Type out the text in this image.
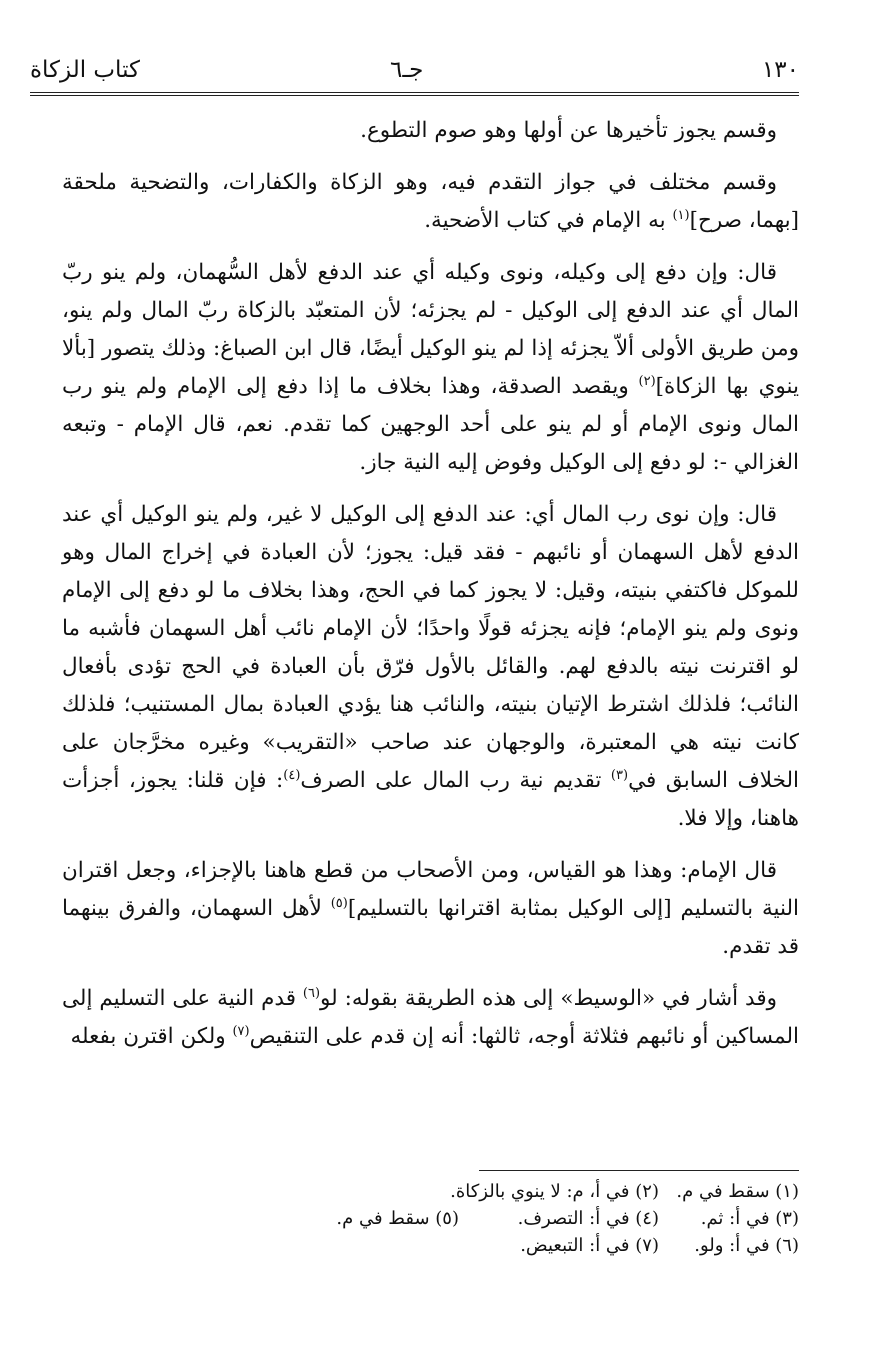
١٣٠
جـ٦
كتاب الزكاة

وقسم يجوز تأخيرها عن أولها وهو صوم التطوع.

وقسم مختلف في جواز التقدم فيه، وهو الزكاة والكفارات، والتضحية ملحقة [بهما، صرح]$^{(١)}$ به الإمام في كتاب الأضحية.

قال: وإن دفع إلى وكيله، ونوى وكيله أي عند الدفع لأهل السُّهمان، ولم ينو ربّ المال أي عند الدفع إلى الوكيل - لم يجزئه؛ لأن المتعبّد بالزكاة ربّ المال ولم ينو، ومن طريق الأولى ألاّ يجزئه إذا لم ينو الوكيل أيضًا، قال ابن الصباغ: وذلك يتصور [بألا ينوي بها الزكاة]$^{(٢)}$ ويقصد الصدقة، وهذا بخلاف ما إذا دفع إلى الإمام ولم ينو رب المال ونوى الإمام أو لم ينو على أحد الوجهين كما تقدم. نعم، قال الإمام - وتبعه الغزالي -: لو دفع إلى الوكيل وفوض إليه النية جاز.

قال: وإن نوى رب المال أي: عند الدفع إلى الوكيل لا غير، ولم ينو الوكيل أي عند الدفع لأهل السهمان أو نائبهم - فقد قيل: يجوز؛ لأن العبادة في إخراج المال وهو للموكل فاكتفي بنيته، وقيل: لا يجوز كما في الحج، وهذا بخلاف ما لو دفع إلى الإمام ونوى ولم ينو الإمام؛ فإنه يجزئه قولًا واحدًا؛ لأن الإمام نائب أهل السهمان فأشبه ما لو اقترنت نيته بالدفع لهم. والقائل بالأول فرّق بأن العبادة في الحج تؤدى بأفعال النائب؛ فلذلك اشترط الإتيان بنيته، والنائب هنا يؤدي العبادة بمال المستنيب؛ فلذلك كانت نيته هي المعتبرة، والوجهان عند صاحب «التقريب» وغيره مخرَّجان على الخلاف السابق في$^{(٣)}$ تقديم نية رب المال على الصرف$^{(٤)}$: فإن قلنا: يجوز، أجزأت هاهنا، وإلا فلا.

قال الإمام: وهذا هو القياس، ومن الأصحاب من قطع هاهنا بالإجزاء، وجعل اقتران النية بالتسليم [إلى الوكيل بمثابة اقترانها بالتسليم]$^{(٥)}$ لأهل السهمان، والفرق بينهما قد تقدم.

وقد أشار في «الوسيط» إلى هذه الطريقة بقوله: لو$^{(٦)}$ قدم النية على التسليم إلى المساكين أو نائبهم فثلاثة أوجه، ثالثها: أنه إن قدم على التنقيص$^{(٧)}$ ولكن اقترن بفعله

(١) سقط في م.
(٢) في أ، م: لا ينوي بالزكاة.
(٣) في أ: ثم.
(٤) في أ: التصرف.
(٥) سقط في م.
(٦) في أ: ولو.
(٧) في أ: التبعيض.
